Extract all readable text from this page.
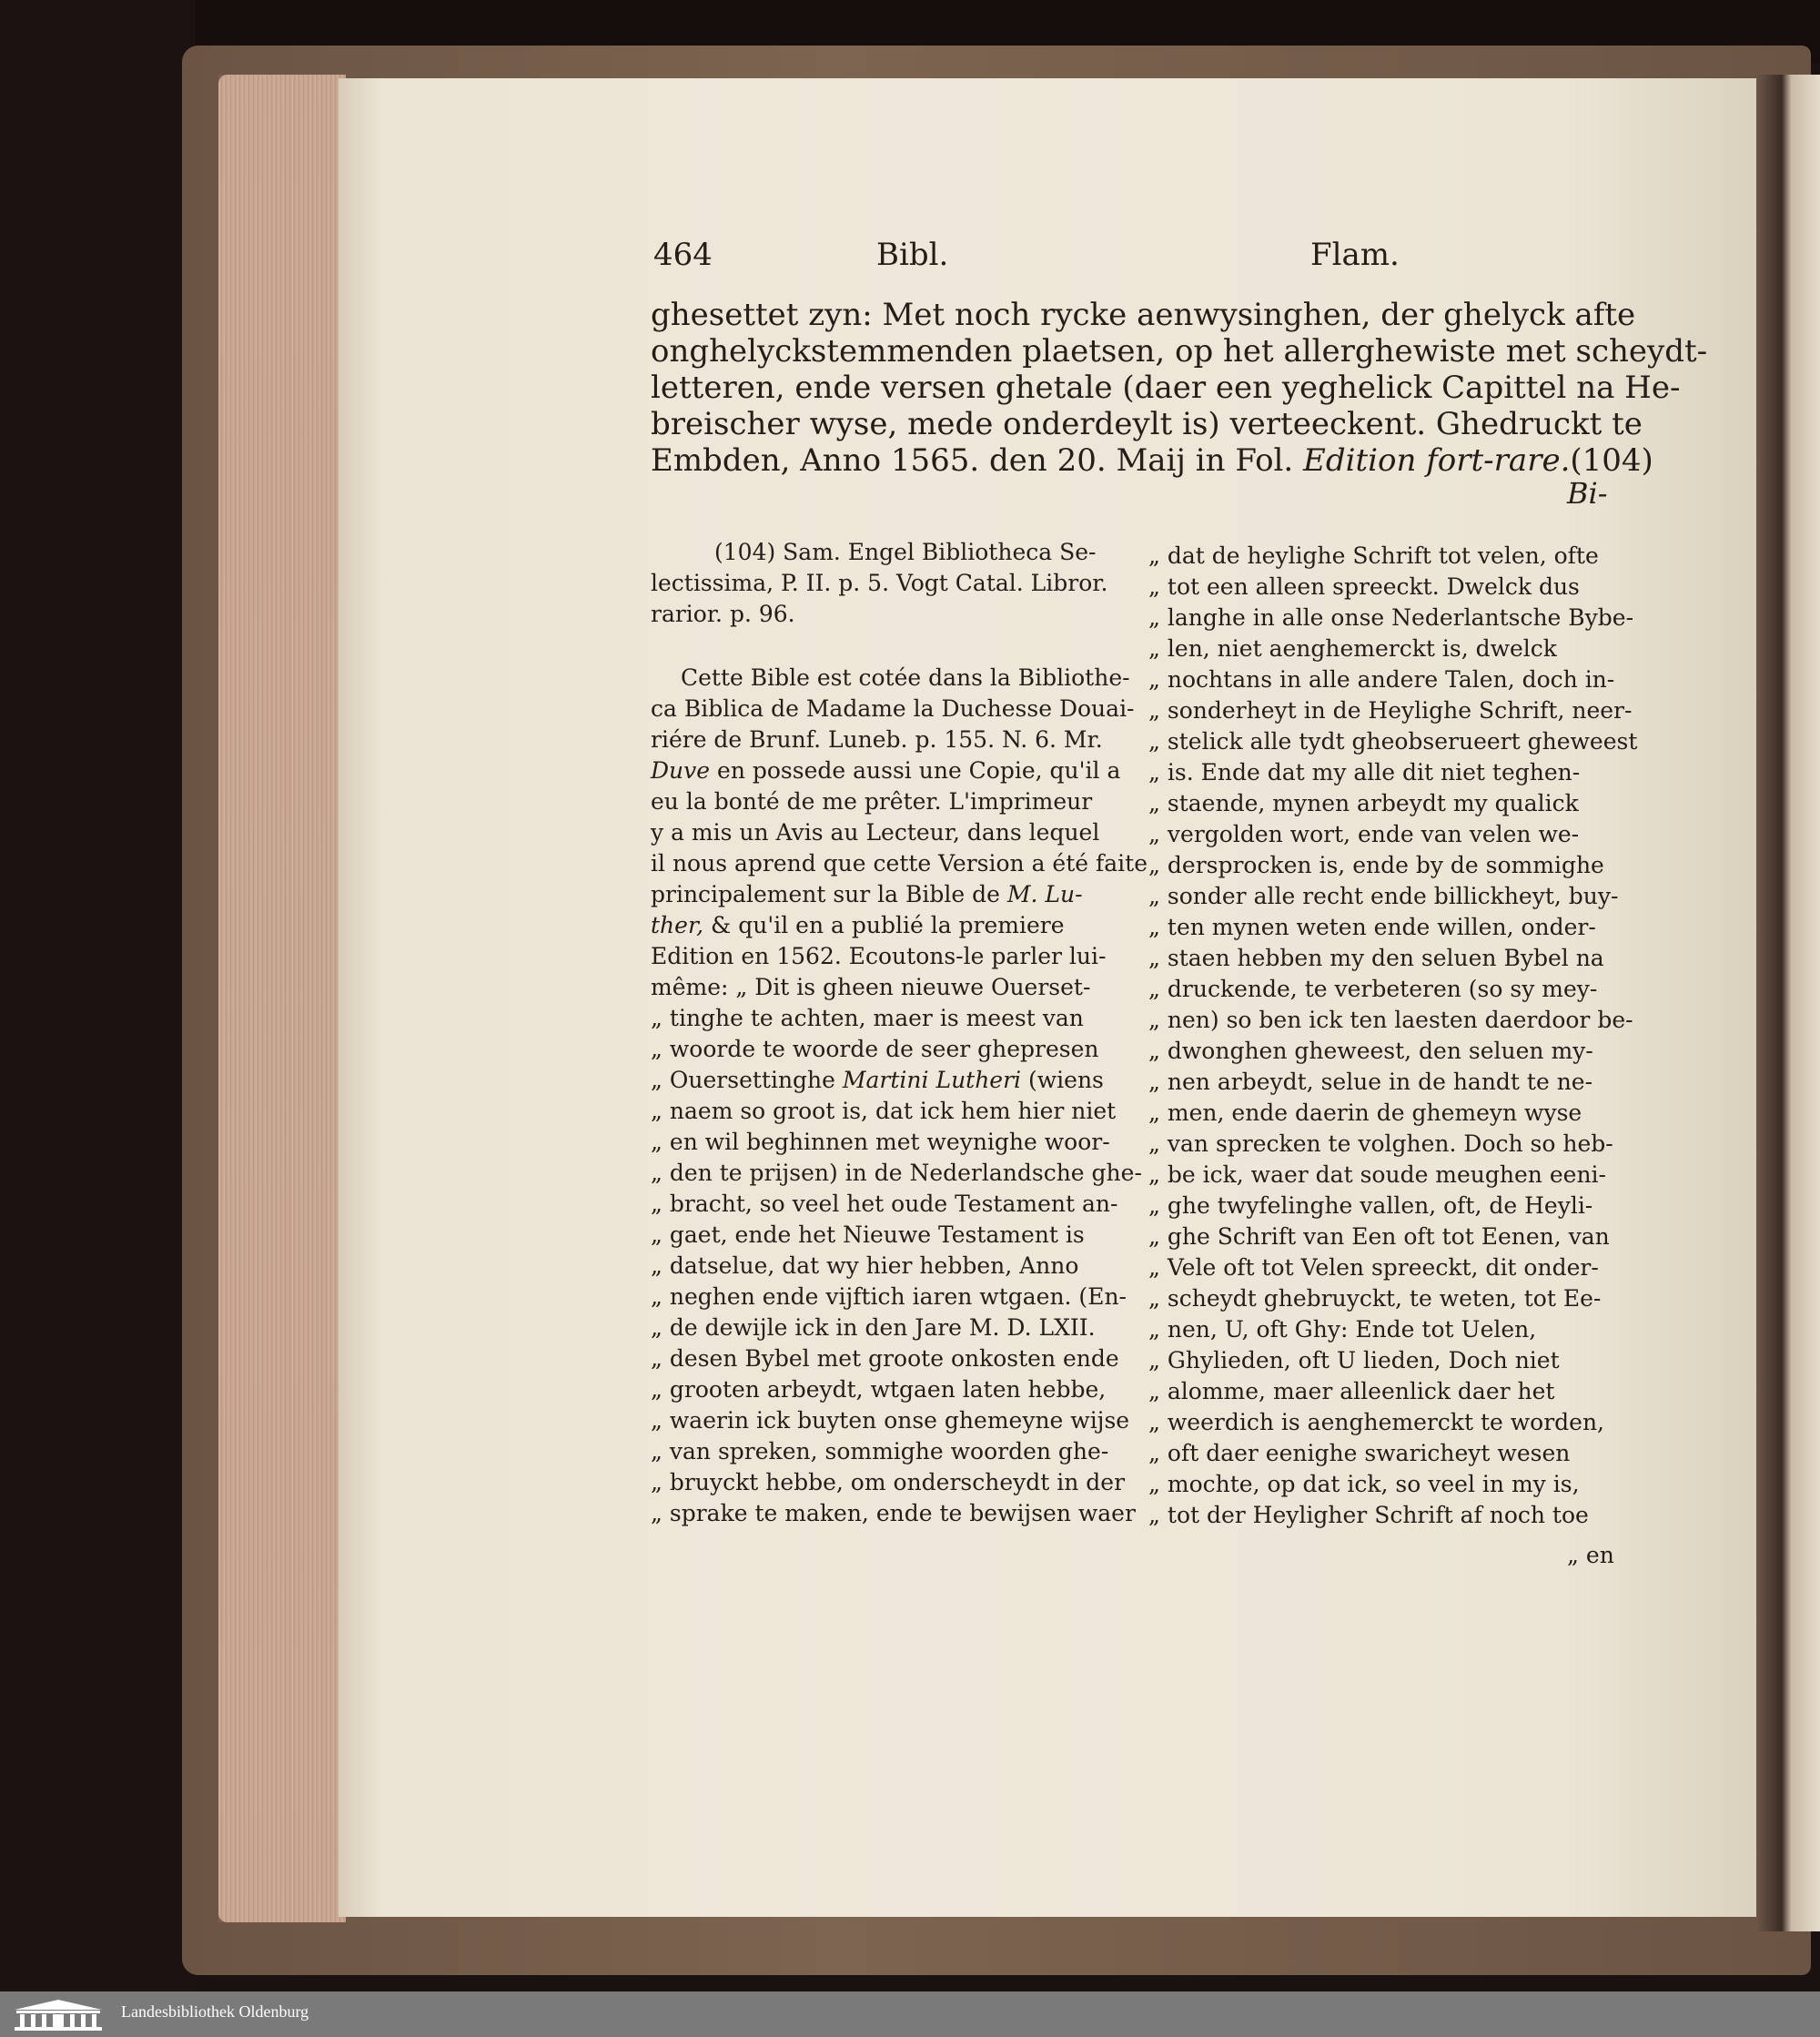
464	Bibl.	Flam.
ghesettet zyn: Met noch rycke aenwysinghen, der ghelyck afte
onghelyckstemmenden plaetsen, op het allerghewiste met scheydt-
letteren, ende versen ghetale (daer een yeghelick Capittel na He-
breischer wyse, mede onderdeylt is) verteeckent. Ghedruckt te
Embden, Anno 1565. den 20. Maij in Fol. Edition fort-rare.(104)
Bi-
(104) Sam. Engel Bibliotheca Se-
lectissima, P. II. p. 5. Vogt Catal. Libror.
rarior. p. 96.
Cette Bible est cotée dans la Bibliothe-
ca Biblica de Madame la Duchesse Douai-
riére de Brunf. Luneb. p. 155. N. 6. Mr.
Duve en possede aussi une Copie, qu'il a
eu la bonté de me prêter. L'imprimeur
y a mis un Avis au Lecteur, dans lequel
il nous aprend que cette Version a été faite
principalement sur la Bible de M. Lu-
ther, & qu'il en a publié la premiere
Edition en 1562. Ecoutons-le parler lui-
même: „ Dit is gheen nieuwe Ouerset-
„ tinghe te achten, maer is meest van
„ woorde te woorde de seer ghepresen
„ Ouersettinghe Martini Lutheri (wiens
„ naem so groot is, dat ick hem hier niet
„ en wil beghinnen met weynighe woor-
„ den te prijsen) in de Nederlandsche ghe-
„ bracht, so veel het oude Testament an-
„ gaet, ende het Nieuwe Testament is
„ datselue, dat wy hier hebben, Anno
„ neghen ende vijftich iaren wtgaen. (En-
„ de dewijle ick in den Jare M. D. LXII.
„ desen Bybel met groote onkosten ende
„ grooten arbeydt, wtgaen laten hebbe,
„ waerin ick buyten onse ghemeyne wijse
„ van spreken, sommighe woorden ghe-
„ bruyckt hebbe, om onderscheydt in der
„ sprake te maken, ende te bewijsen waer
„ dat de heylighe Schrift tot velen, ofte
„ tot een alleen spreeckt. Dwelck dus
„ langhe in alle onse Nederlantsche Bybe-
„ len, niet aenghemerckt is, dwelck
„ nochtans in alle andere Talen, doch in-
„ sonderheyt in de Heylighe Schrift, neer-
„ stelick alle tydt gheobserueert gheweest
„ is. Ende dat my alle dit niet teghen-
„ staende, mynen arbeydt my qualick
„ vergolden wort, ende van velen we-
„ dersprocken is, ende by de sommighe
„ sonder alle recht ende billickheyt, buy-
„ ten mynen weten ende willen, onder-
„ staen hebben my den seluen Bybel na
„ druckende, te verbeteren (so sy mey-
„ nen) so ben ick ten laesten daerdoor be-
„ dwonghen gheweest, den seluen my-
„ nen arbeydt, selue in de handt te ne-
„ men, ende daerin de ghemeyn wyse
„ van sprecken te volghen. Doch so heb-
„ be ick, waer dat soude meughen eeni-
„ ghe twyfelinghe vallen, oft, de Heyli-
„ ghe Schrift van Een oft tot Eenen, van
„ Vele oft tot Velen spreeckt, dit onder-
„ scheydt ghebruyckt, te weten, tot Ee-
„ nen, U, oft Ghy: Ende tot Uelen,
„ Ghylieden, oft U lieden, Doch niet
„ alomme, maer alleenlick daer het
„ weerdich is aenghemerckt te worden,
„ oft daer eenighe swaricheyt wesen
„ mochte, op dat ick, so veel in my is,
„ tot der Heyligher Schrift af noch toe
„ en
Landesbibliothek Oldenburg
